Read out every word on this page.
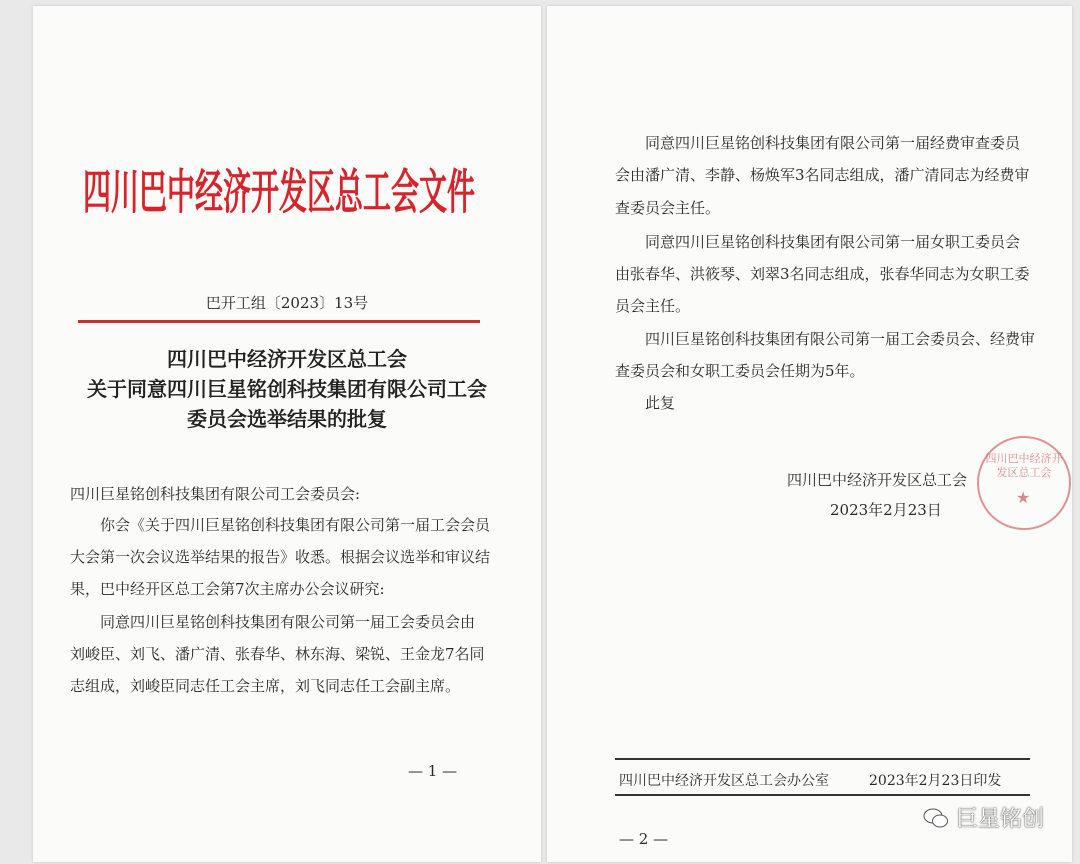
四川巴中经济开发区总工会文件
巴开工组〔2023〕13号
四川巴中经济开发区总工会
关于同意四川巨星铭创科技集团有限公司工会
委员会选举结果的批复
四川巨星铭创科技集团有限公司工会委员会:
你会《关于四川巨星铭创科技集团有限公司第一届工会会员
大会第一次会议选举结果的报告》收悉。根据会议选举和审议结
果，巴中经开区总工会第7次主席办公会议研究:
同意四川巨星铭创科技集团有限公司第一届工会委员会由
刘峻臣、刘飞、潘广清、张春华、林东海、梁锐、王金龙7名同
志组成，刘峻臣同志任工会主席，刘飞同志任工会副主席。
— 1 —
同意四川巨星铭创科技集团有限公司第一届经费审查委员
会由潘广清、李静、杨焕军3名同志组成，潘广清同志为经费审
查委员会主任。
同意四川巨星铭创科技集团有限公司第一届女职工委员会
由张春华、洪筱琴、刘翠3名同志组成，张春华同志为女职工委
员会主任。
四川巨星铭创科技集团有限公司第一届工会委员会、经费审
查委员会和女职工委员会任期为5年。
此复
四川巴中经济开发区总工会
★
四川巴中经济开发区总工会
2023年2月23日
四川巴中经济开发区总工会办公室	2023年2月23日印发
— 2 —
巨星铭创
